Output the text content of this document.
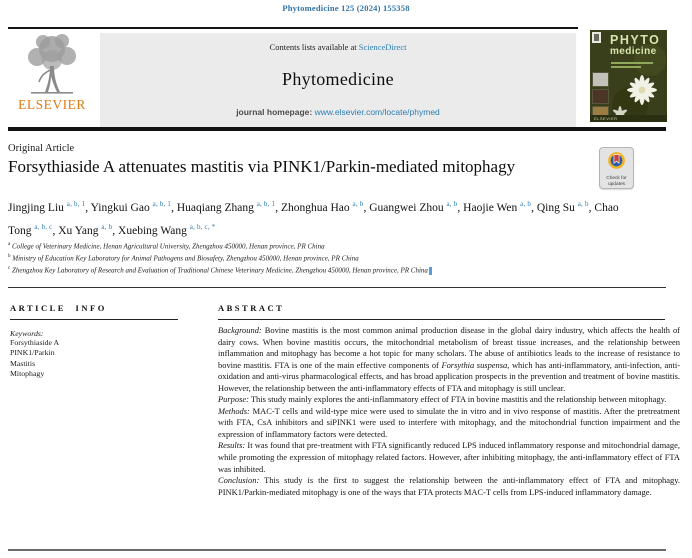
Phytomedicine 125 (2024) 155358
ELSEVIER
Contents lists available at ScienceDirect
Phytomedicine
journal homepage: www.elsevier.com/locate/phymed
PHYTO
medicine
ELSEVIER
Original Article
Forsythiaside A attenuates mastitis via PINK1/Parkin-mediated mitophagy
Check for
updates
Jingjing Liu $^{a, b, 1}$, Yingkui Gao $^{a, b, 1}$, Huaqiang Zhang $^{a, b, 1}$, Zhonghua Hao $^{a, b}$, Guangwei Zhou $^{a, b}$, Haojie Wen $^{a, b}$, Qing Su $^{a, b}$, Chao Tong $^{a, b, c}$, Xu Yang $^{a, b}$, Xuebing Wang $^{a, b, c, *}$
$^a$ College of Veterinary Medicine, Henan Agricultural University, Zhengzhou 450000, Henan province, PR China
$^b$ Ministry of Education Key Laboratory for Animal Pathogens and Biosafety, Zhengzhou 450000, Henan province, PR China
$^c$ Zhengzhou Key Laboratory of Research and Evaluation of Traditional Chinese Veterinary Medicine, Zhengzhou 450000, Henan province, PR China
ARTICLE INFO
Keywords:
Forsythiaside A
PINK1/Parkin
Mastitis
Mitophagy
ABSTRACT

Background: Bovine mastitis is the most common animal production disease in the global dairy industry, which affects the health of dairy cows. When bovine mastitis occurs, the mitochondrial metabolism of breast tissue increases, and the relationship between inflammation and mitophagy has become a hot topic for many scholars. The abuse of antibiotics leads to the increase of resistance to bovine mastitis. FTA is one of the main effective components of Forsythia suspensa, which has anti-inflammatory, anti-infection, anti-oxidation and anti-virus pharmacological effects, and has broad application prospects in the prevention and treatment of bovine mastitis. However, the relationship between the anti-inflammatory effects of FTA and mitophagy is still unclear.

Purpose: This study mainly explores the anti-inflammatory effect of FTA in bovine mastitis and the relationship between mitophagy.

Methods: MAC-T cells and wild-type mice were used to simulate the in vitro and in vivo response of mastitis. After the pretreatment with FTA, CsA inhibitors and siPINK1 were used to interfere with mitophagy, and the mitochondrial function impairment and the expression of inflammatory factors were detected.

Results: It was found that pre-treatment with FTA significantly reduced LPS induced inflammatory response and mitochondrial damage, while promoting the expression of mitophagy related factors. However, after inhibiting mitophagy, the anti-inflammatory effect of FTA was inhibited.

Conclusion: This study is the first to suggest the relationship between the anti-inflammatory effect of FTA and mitophagy. PINK1/Parkin-mediated mitophagy is one of the ways that FTA protects MAC-T cells from LPS-induced inflammatory damage.
